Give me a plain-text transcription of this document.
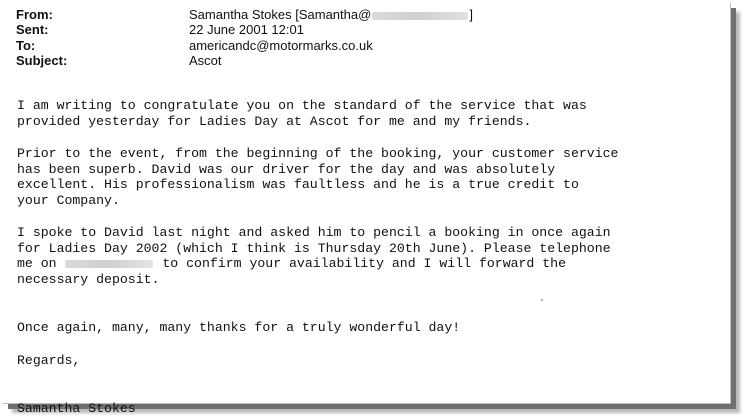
From:	Samantha Stokes [Samantha@	]
Sent:	22 June 2001 12:01
To:	americandc@motormarks.co.uk
Subject:	Ascot
I am writing to congratulate you on the standard of the service that was
provided yesterday for Ladies Day at Ascot for me and my friends.
Prior to the event, from the beginning of the booking, your customer service
has been superb. David was our driver for the day and was absolutely
excellent. His professionalism was faultless and he is a true credit to
your Company.
I spoke to David last night and asked him to pencil a booking in once again
for Ladies Day 2002 (which I think is Thursday 20th June). Please telephone
me on	to confirm your availability and I will forward the
necessary deposit.
Once again, many, many thanks for a truly wonderful day!
Regards,
Samantha Stokes
